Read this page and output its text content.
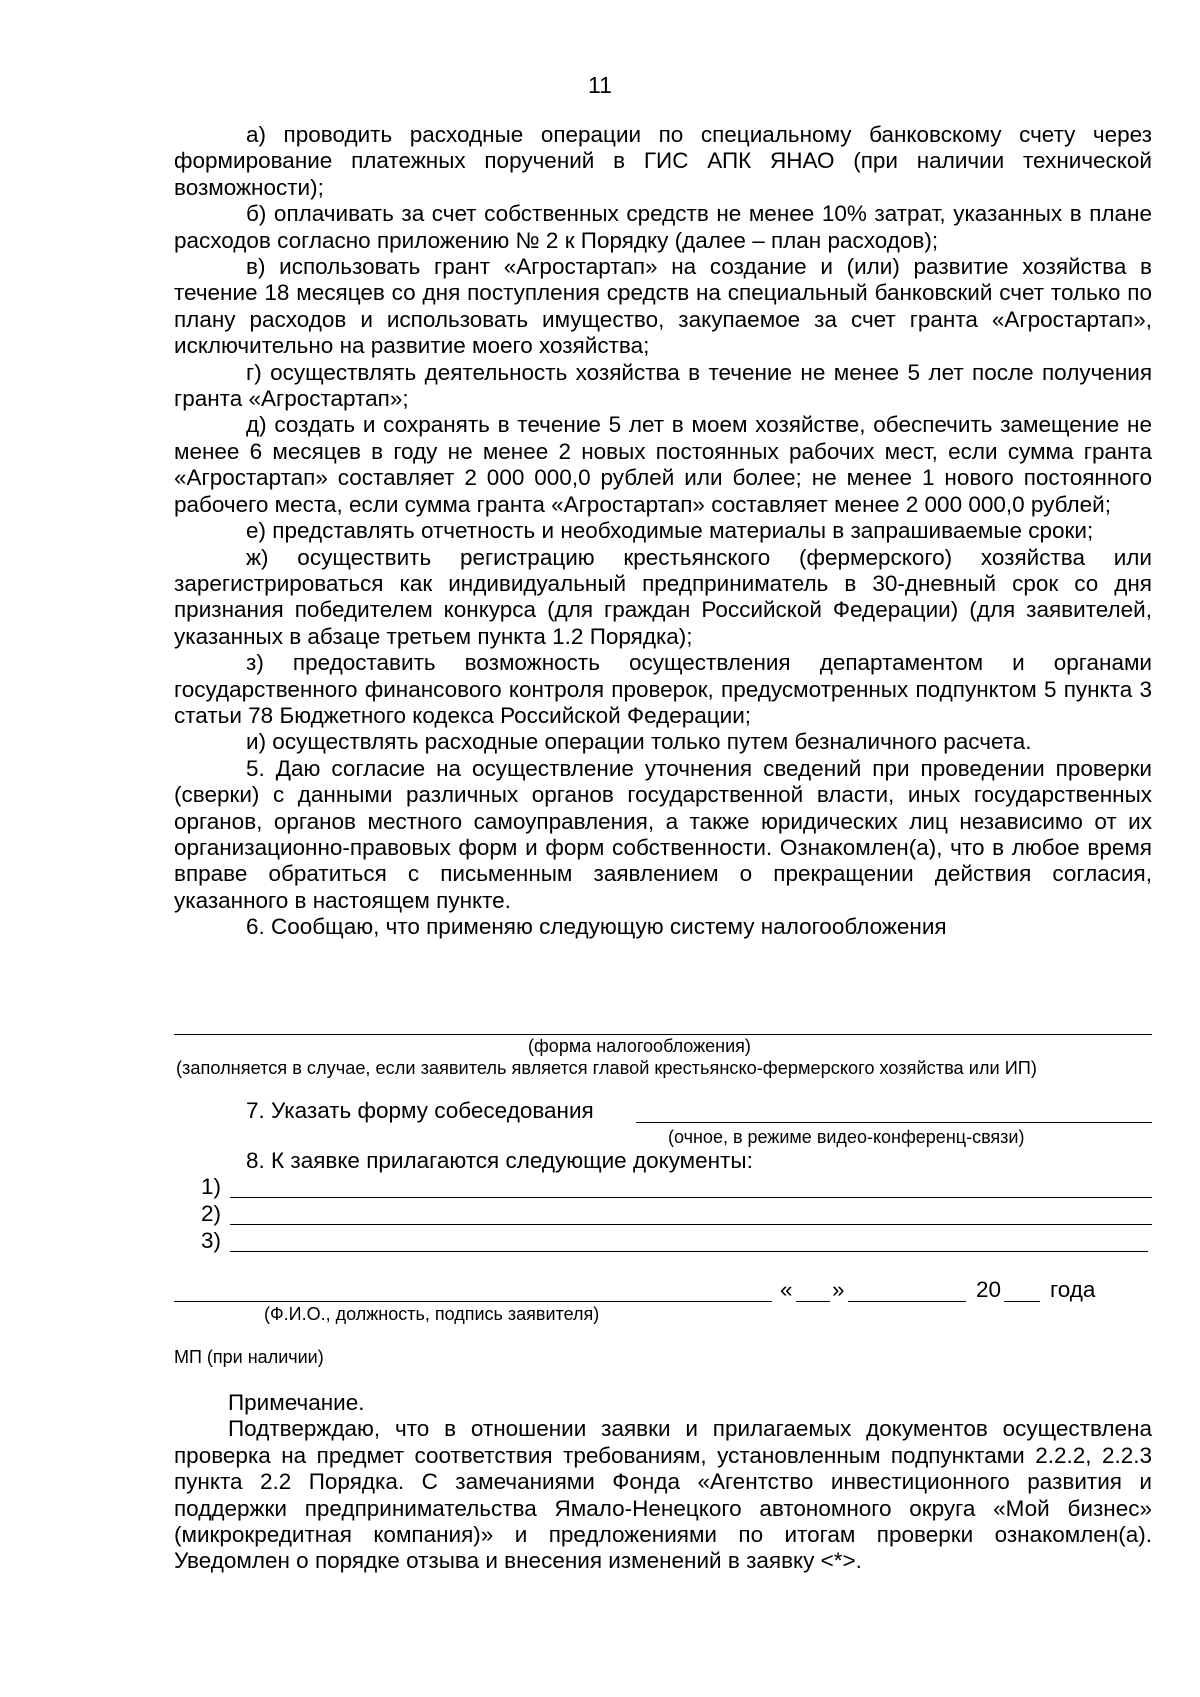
11

а) проводить расходные операции по специальному банковскому счету через формирование платежных поручений в ГИС АПК ЯНАО (при наличии технической возможности);

б) оплачивать за счет собственных средств не менее 10% затрат, указанных в плане расходов согласно приложению № 2 к Порядку (далее – план расходов);

в) использовать грант «Агростартап» на создание и (или) развитие хозяйства в течение 18 месяцев со дня поступления средств на специальный банковский счет только по плану расходов и использовать имущество, закупаемое за счет гранта «Агростартап», исключительно на развитие моего хозяйства;

г) осуществлять деятельность хозяйства в течение не менее 5 лет после получения гранта «Агростартап»;

д) создать и сохранять в течение 5 лет в моем хозяйстве, обеспечить замещение не менее 6 месяцев в году не менее 2 новых постоянных рабочих мест, если сумма гранта «Агростартап» составляет 2 000 000,0 рублей или более; не менее 1 нового постоянного рабочего места, если сумма гранта «Агростартап» составляет менее 2 000 000,0 рублей;

е) представлять отчетность и необходимые материалы в запрашиваемые сроки;

ж) осуществить регистрацию крестьянского (фермерского) хозяйства или зарегистрироваться как индивидуальный предприниматель в 30-дневный срок со дня признания победителем конкурса (для граждан Российской Федерации) (для заявителей, указанных в абзаце третьем пункта 1.2 Порядка);

з) предоставить возможность осуществления департаментом и органами государственного финансового контроля проверок, предусмотренных подпунктом 5 пункта 3 статьи 78 Бюджетного кодекса Российской Федерации;

и) осуществлять расходные операции только путем безналичного расчета.

5. Даю согласие на осуществление уточнения сведений при проведении проверки (сверки) с данными различных органов государственной власти, иных государственных органов, органов местного самоуправления, а также юридических лиц независимо от их организационно-правовых форм и форм собственности. Ознакомлен(а), что в любое время вправе обратиться с письменным заявлением о прекращении действия согласия, указанного в настоящем пункте.

6. Сообщаю, что применяю следующую систему налогообложения

(форма налогообложения)
(заполняется в случае, если заявитель является главой крестьянско-фермерского хозяйства или ИП)
7. Указать форму собеседования
(очное, в режиме видео-конференц-связи)
8. К заявке прилагаются следующие документы:
1)
2)
3)
« »	20 года
(Ф.И.О., должность, подпись заявителя)
МП (при наличии)

Примечание.

Подтверждаю, что в отношении заявки и прилагаемых документов осуществлена проверка на предмет соответствия требованиям, установленным подпунктами 2.2.2, 2.2.3 пункта 2.2 Порядка. С замечаниями Фонда «Агентство инвестиционного развития и поддержки предпринимательства Ямало-Ненецкого автономного округа «Мой бизнес» (микрокредитная компания)» и предложениями по итогам проверки ознакомлен(а). Уведомлен о порядке отзыва и внесения изменений в заявку <*>.
